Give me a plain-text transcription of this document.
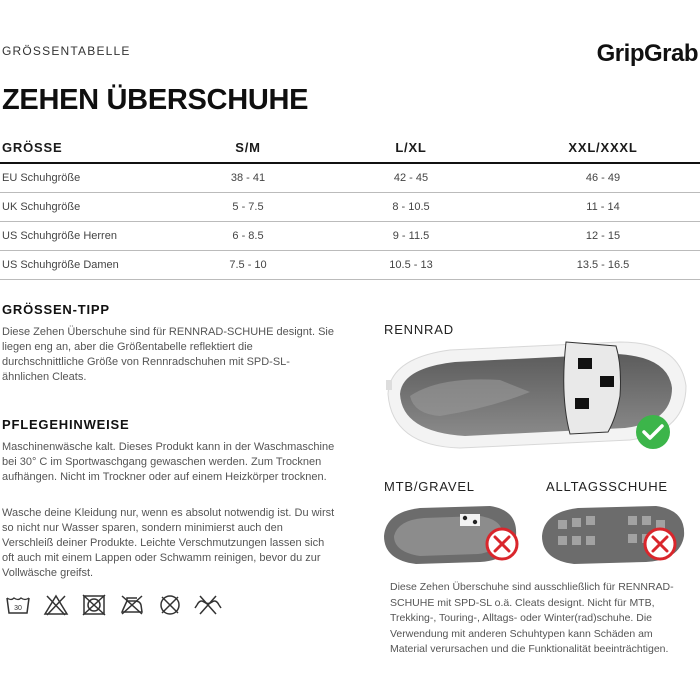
GRÖSSENTABELLE	GripGrab
ZEHEN ÜBERSCHUHE
GRÖSSE	S/M	L/XL	XXL/XXXL
EU Schuhgröße	38 - 41	42 - 45	46 - 49
UK Schuhgröße	5 - 7.5	8 - 10.5	11 - 14
US Schuhgröße Herren	6 - 8.5	9 - 11.5	12 - 15
US Schuhgröße Damen	7.5 - 10	10.5 - 13	13.5 - 16.5
GRÖSSEN-TIPP
Diese Zehen Überschuhe sind für RENNRAD-SCHUHE designt. Sie liegen eng an, aber die Größentabelle reflektiert die durchschnittliche Größe von Rennradschuhen mit SPD-SL-ähnlichen Cleats.
PFLEGEHINWEISE
Maschinenwäsche kalt. Dieses Produkt kann in der Waschmaschine bei 30° C im Sportwaschgang gewaschen werden. Zum Trocknen aufhängen. Nicht im Trockner oder auf einem Heizkörper trocknen.
Wasche deine Kleidung nur, wenn es absolut notwendig ist. Du wirst so nicht nur Wasser sparen, sondern minimierst auch den Verschleiß deiner Produkte. Leichte Verschmutzungen lassen sich oft auch mit einem Lappen oder Schwamm reinigen, bevor du zur Vollwäsche greifst.
30
RENNRAD
MTB/GRAVEL	ALLTAGSSCHUHE
Diese Zehen Überschuhe sind ausschließlich für RENNRAD-SCHUHE mit SPD-SL o.ä. Cleats designt. Nicht für MTB, Trekking-, Touring-, Alltags- oder Winter(rad)schuhe. Die Verwendung mit anderen Schuhtypen kann Schäden am Material verursachen und die Funktionalität beeinträchtigen.
